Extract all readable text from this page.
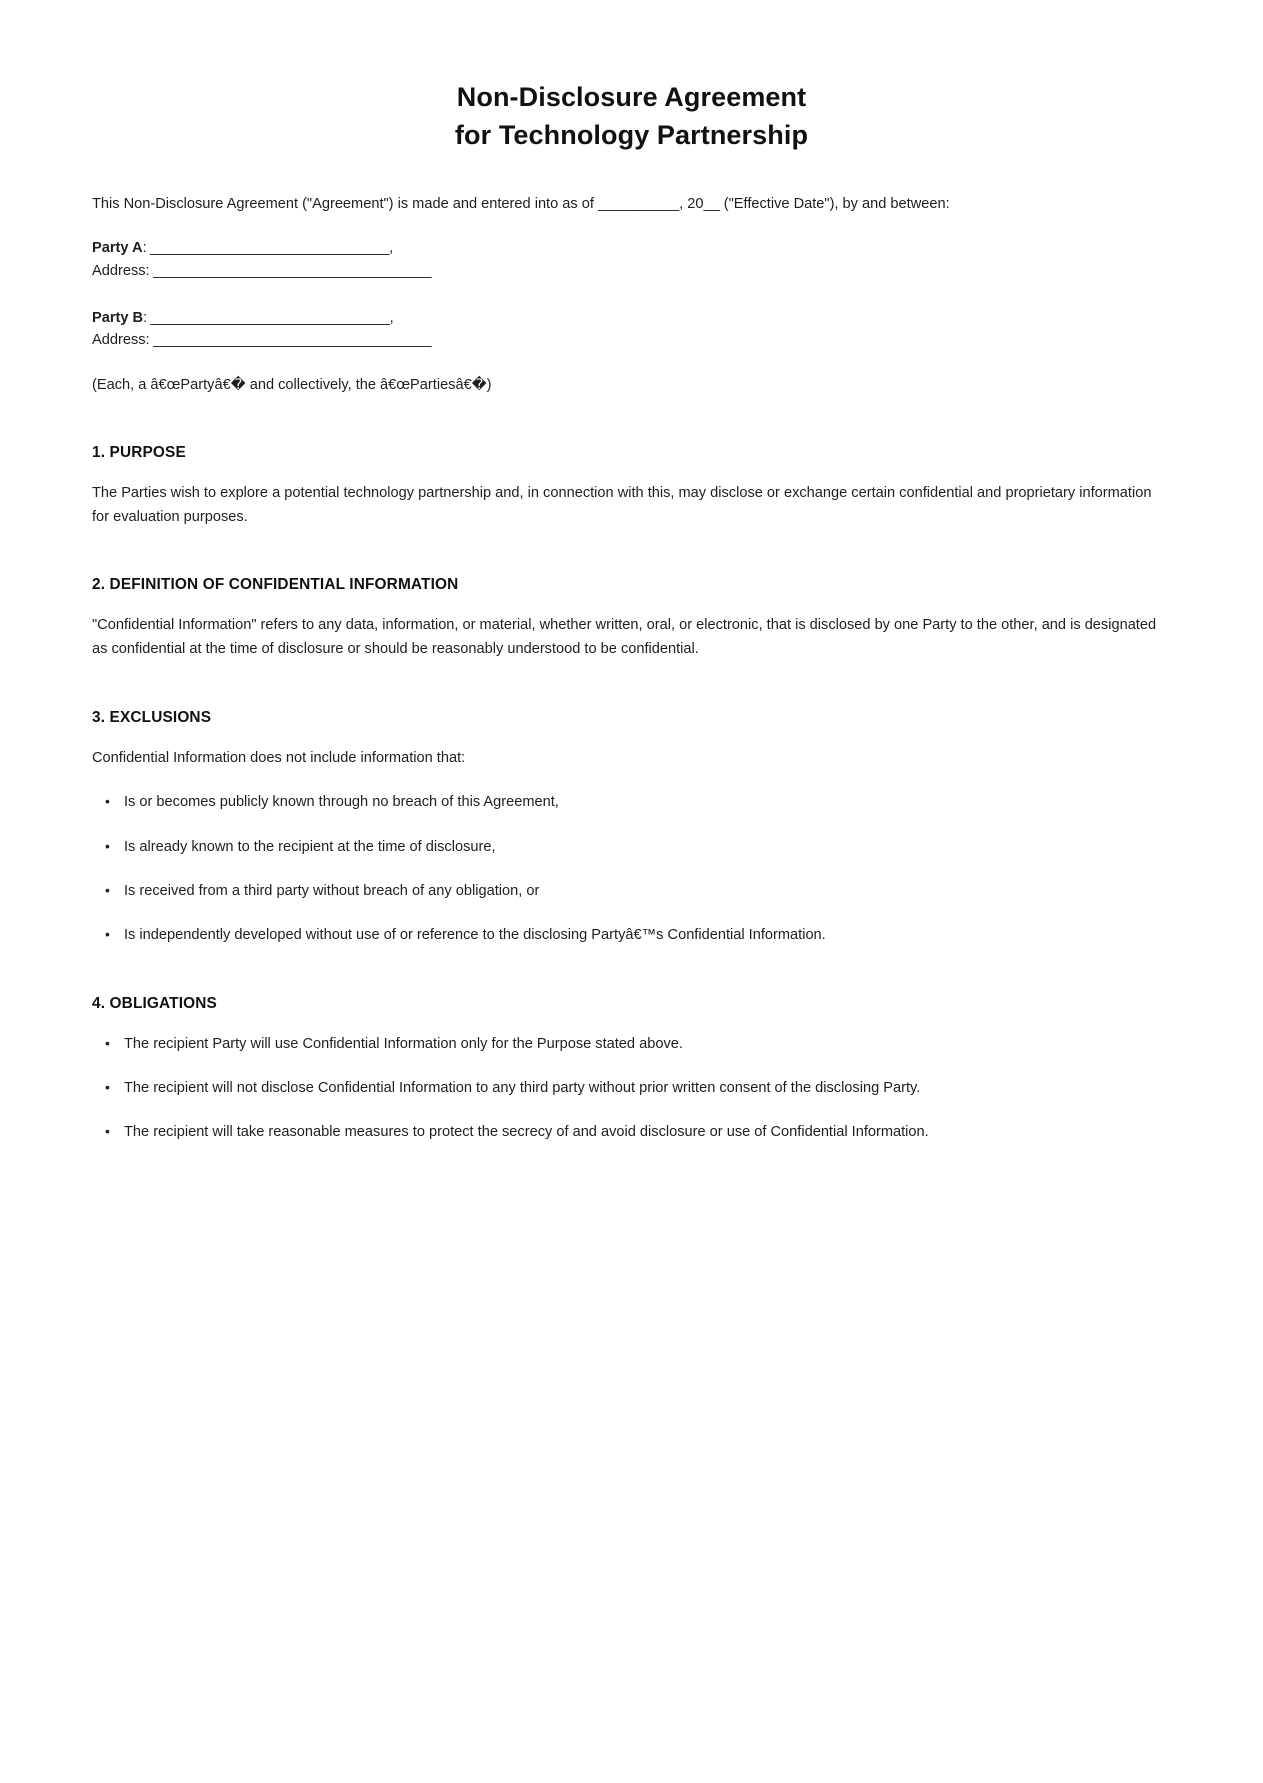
Non-Disclosure Agreement
for Technology Partnership

This Non-Disclosure Agreement ("Agreement") is made and entered into as of __________, 20__ ("Effective Date"), by and between:

Party A: _______________________________,

Address: ____________________________________

Party B: _______________________________,

Address: ____________________________________

(Each, a â€œPartyâ€� and collectively, the â€œPartiesâ€�)

1. PURPOSE

The Parties wish to explore a potential technology partnership and, in connection with this, may disclose or exchange certain confidential and proprietary information for evaluation purposes.

2. DEFINITION OF CONFIDENTIAL INFORMATION

"Confidential Information" refers to any data, information, or material, whether written, oral, or electronic, that is disclosed by one Party to the other, and is designated as confidential at the time of disclosure or should be reasonably understood to be confidential.

3. EXCLUSIONS

Confidential Information does not include information that:

• Is or becomes publicly known through no breach of this Agreement,
• Is already known to the recipient at the time of disclosure,
• Is received from a third party without breach of any obligation, or
• Is independently developed without use of or reference to the disclosing Partyâ€™s Confidential Information.
4. OBLIGATIONS
• The recipient Party will use Confidential Information only for the Purpose stated above.
• The recipient will not disclose Confidential Information to any third party without prior written consent of the disclosing Party.
• The recipient will take reasonable measures to protect the secrecy of and avoid disclosure or use of Confidential Information.
